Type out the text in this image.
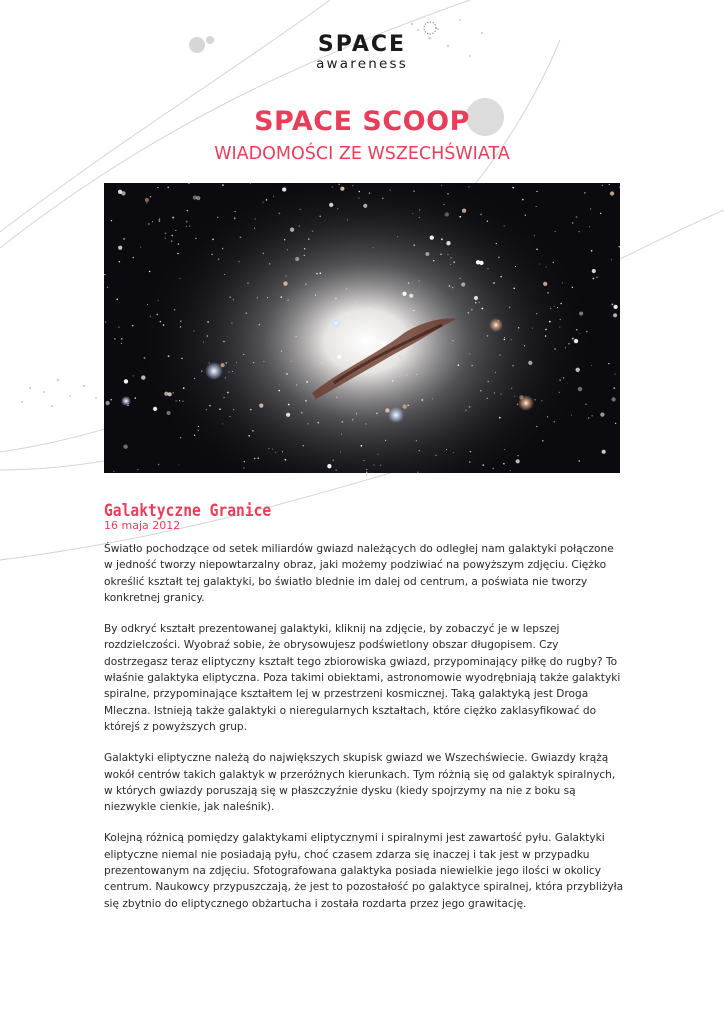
SPACE
awareness
SPACE SCOOP
WIADOMOŚCI ZE WSZECHŚWIATA
Galaktyczne Granice
16 maja 2012

Światło pochodzące od setek miliardów gwiazd należących do odległej nam galaktyki połączone w jedność tworzy niepowtarzalny obraz, jaki możemy podziwiać na powyższym zdjęciu. Ciężko określić kształt tej galaktyki, bo światło blednie im dalej od centrum, a poświata nie tworzy konkretnej granicy.

By odkryć kształt prezentowanej galaktyki, kliknij na zdjęcie, by zobaczyć je w lepszej rozdzielczości. Wyobraź sobie, że obrysowujesz podświetlony obszar długopisem. Czy dostrzegasz teraz eliptyczny kształt tego zbiorowiska gwiazd, przypominający piłkę do rugby? To właśnie galaktyka eliptyczna. Poza takimi obiektami, astronomowie wyodrębniają także galaktyki spiralne, przypominające kształtem lej w przestrzeni kosmicznej. Taką galaktyką jest Droga Mleczna. Istnieją także galaktyki o nieregularnych kształtach, które ciężko zaklasyfikować do którejś z powyższych grup.

Galaktyki eliptyczne należą do największych skupisk gwiazd we Wszechświecie. Gwiazdy krążą wokół centrów takich galaktyk w przeróżnych kierunkach. Tym różnią się od galaktyk spiralnych, w których gwiazdy poruszają się w płaszczyźnie dysku (kiedy spojrzymy na nie z boku są niezwykle cienkie, jak naleśnik).

Kolejną różnicą pomiędzy galaktykami eliptycznymi i spiralnymi jest zawartość pyłu. Galaktyki eliptyczne niemal nie posiadają pyłu, choć czasem zdarza się inaczej i tak jest w przypadku prezentowanym na zdjęciu. Sfotografowana galaktyka posiada niewielkie jego ilości w okolicy centrum. Naukowcy przypuszczają, że jest to pozostałość po galaktyce spiralnej, która przybliżyła się zbytnio do eliptycznego obżartucha i została rozdarta przez jego grawitację.
